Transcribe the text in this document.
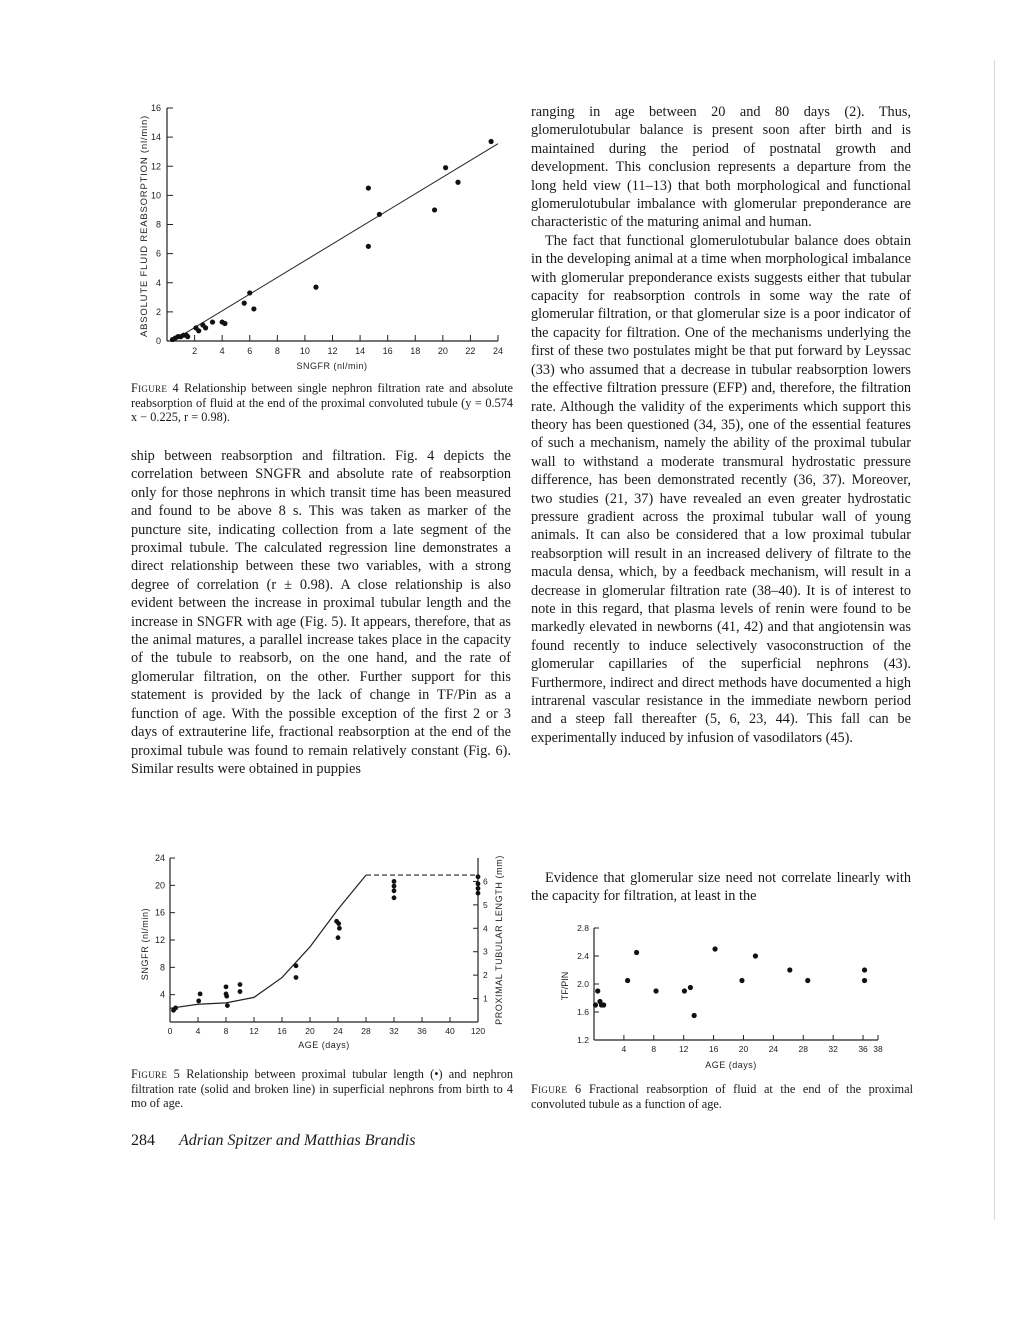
2	4	6	8 10 12 14 16 18 20 22 24
2
4
6
8
10
12
14
16
0
ABSOLUTE FLUID REABSORPTION (nl/min)
SNGFR (nl/min)
Figure 4 Relationship between single nephron filtration rate and absolute reabsorption of fluid at the end of the proximal convoluted tubule (y = 0.574 x − 0.225, r = 0.98).

ship between reabsorption and filtration. Fig. 4 depicts the correlation between SNGFR and absolute rate of reabsorption only for those nephrons in which transit time has been measured and found to be above 8 s. This was taken as marker of the puncture site, indicating collection from a late segment of the proximal tubule. The calculated regression line demonstrates a direct relationship between these two variables, with a strong degree of correlation (r ± 0.98). A close relationship is also evident between the increase in proximal tubular length and the increase in SNGFR with age (Fig. 5). It appears, therefore, that as the animal matures, a parallel increase takes place in the capacity of the tubule to reabsorb, on the one hand, and the rate of glomerular filtration, on the other. Further support for this statement is provided by the lack of change in TF/Pin as a function of age. With the possible exception of the first 2 or 3 days of extrauterine life, fractional reabsorption at the end of the proximal tubule was found to remain relatively constant (Fig. 6). Similar results were obtained in puppies

0	4	8 12 16 20 24 28 32 36 40 120
4
8
12
16
20
24
1
2
3
4
5
6
SNGFR (nl/min)	PROXIMAL TUBULAR LENGTH (mm)
AGE (days)
Figure 5 Relationship between proximal tubular length (•) and nephron filtration rate (solid and broken line) in superficial nephrons from birth to 4 mo of age.

ranging in age between 20 and 80 days (2). Thus, glomerulotubular balance is present soon after birth and is maintained during the period of postnatal growth and development. This conclusion represents a departure from the long held view (11–13) that both morphological and functional glomerulotubular imbalance with glomerular preponderance are characteristic of the maturing animal and human.

The fact that functional glomerulotubular balance does obtain in the developing animal at a time when morphological imbalance with glomerular preponderance exists suggests either that tubular capacity for reabsorption controls in some way the rate of glomerular filtration, or that glomerular size is a poor indicator of the capacity for filtration. One of the mechanisms underlying the first of these two postulates might be that put forward by Leyssac (33) who assumed that a decrease in tubular reabsorption lowers the effective filtration pressure (EFP) and, therefore, the filtration rate. Although the validity of the experiments which support this theory has been questioned (34, 35), one of the essential features of such a mechanism, namely the ability of the proximal tubular wall to withstand a moderate transmural hydrostatic pressure difference, has been demonstrated recently (36, 37). Moreover, two studies (21, 37) have revealed an even greater hydrostatic pressure gradient across the proximal tubular wall of young animals. It can also be considered that a low proximal tubular reabsorption will result in an increased delivery of filtrate to the macula densa, which, by a feedback mechanism, will result in a decrease in glomerular filtration rate (38–40). It is of interest to note in this regard, that plasma levels of renin were found to be markedly elevated in newborns (41, 42) and that angiotensin was found recently to induce selectively vasoconstruction of the glomerular capillaries of the superficial nephrons (43). Furthermore, indirect and direct methods have documented a high intrarenal vascular resistance in the immediate newborn period and a steep fall thereafter (5, 6, 23, 44). This fall can be experimentally induced by infusion of vasodilators (45).

Evidence that glomerular size need not correlate linearly with the capacity for filtration, at least in the

4	8	12 16 20 24 28 32 36 38
1.2
1.6
2.0
2.4
2.8
TF/PIN
AGE (days)
Figure 6 Fractional reabsorption of fluid at the end of the proximal convoluted tubule as a function of age.
284 Adrian Spitzer and Matthias Brandis
